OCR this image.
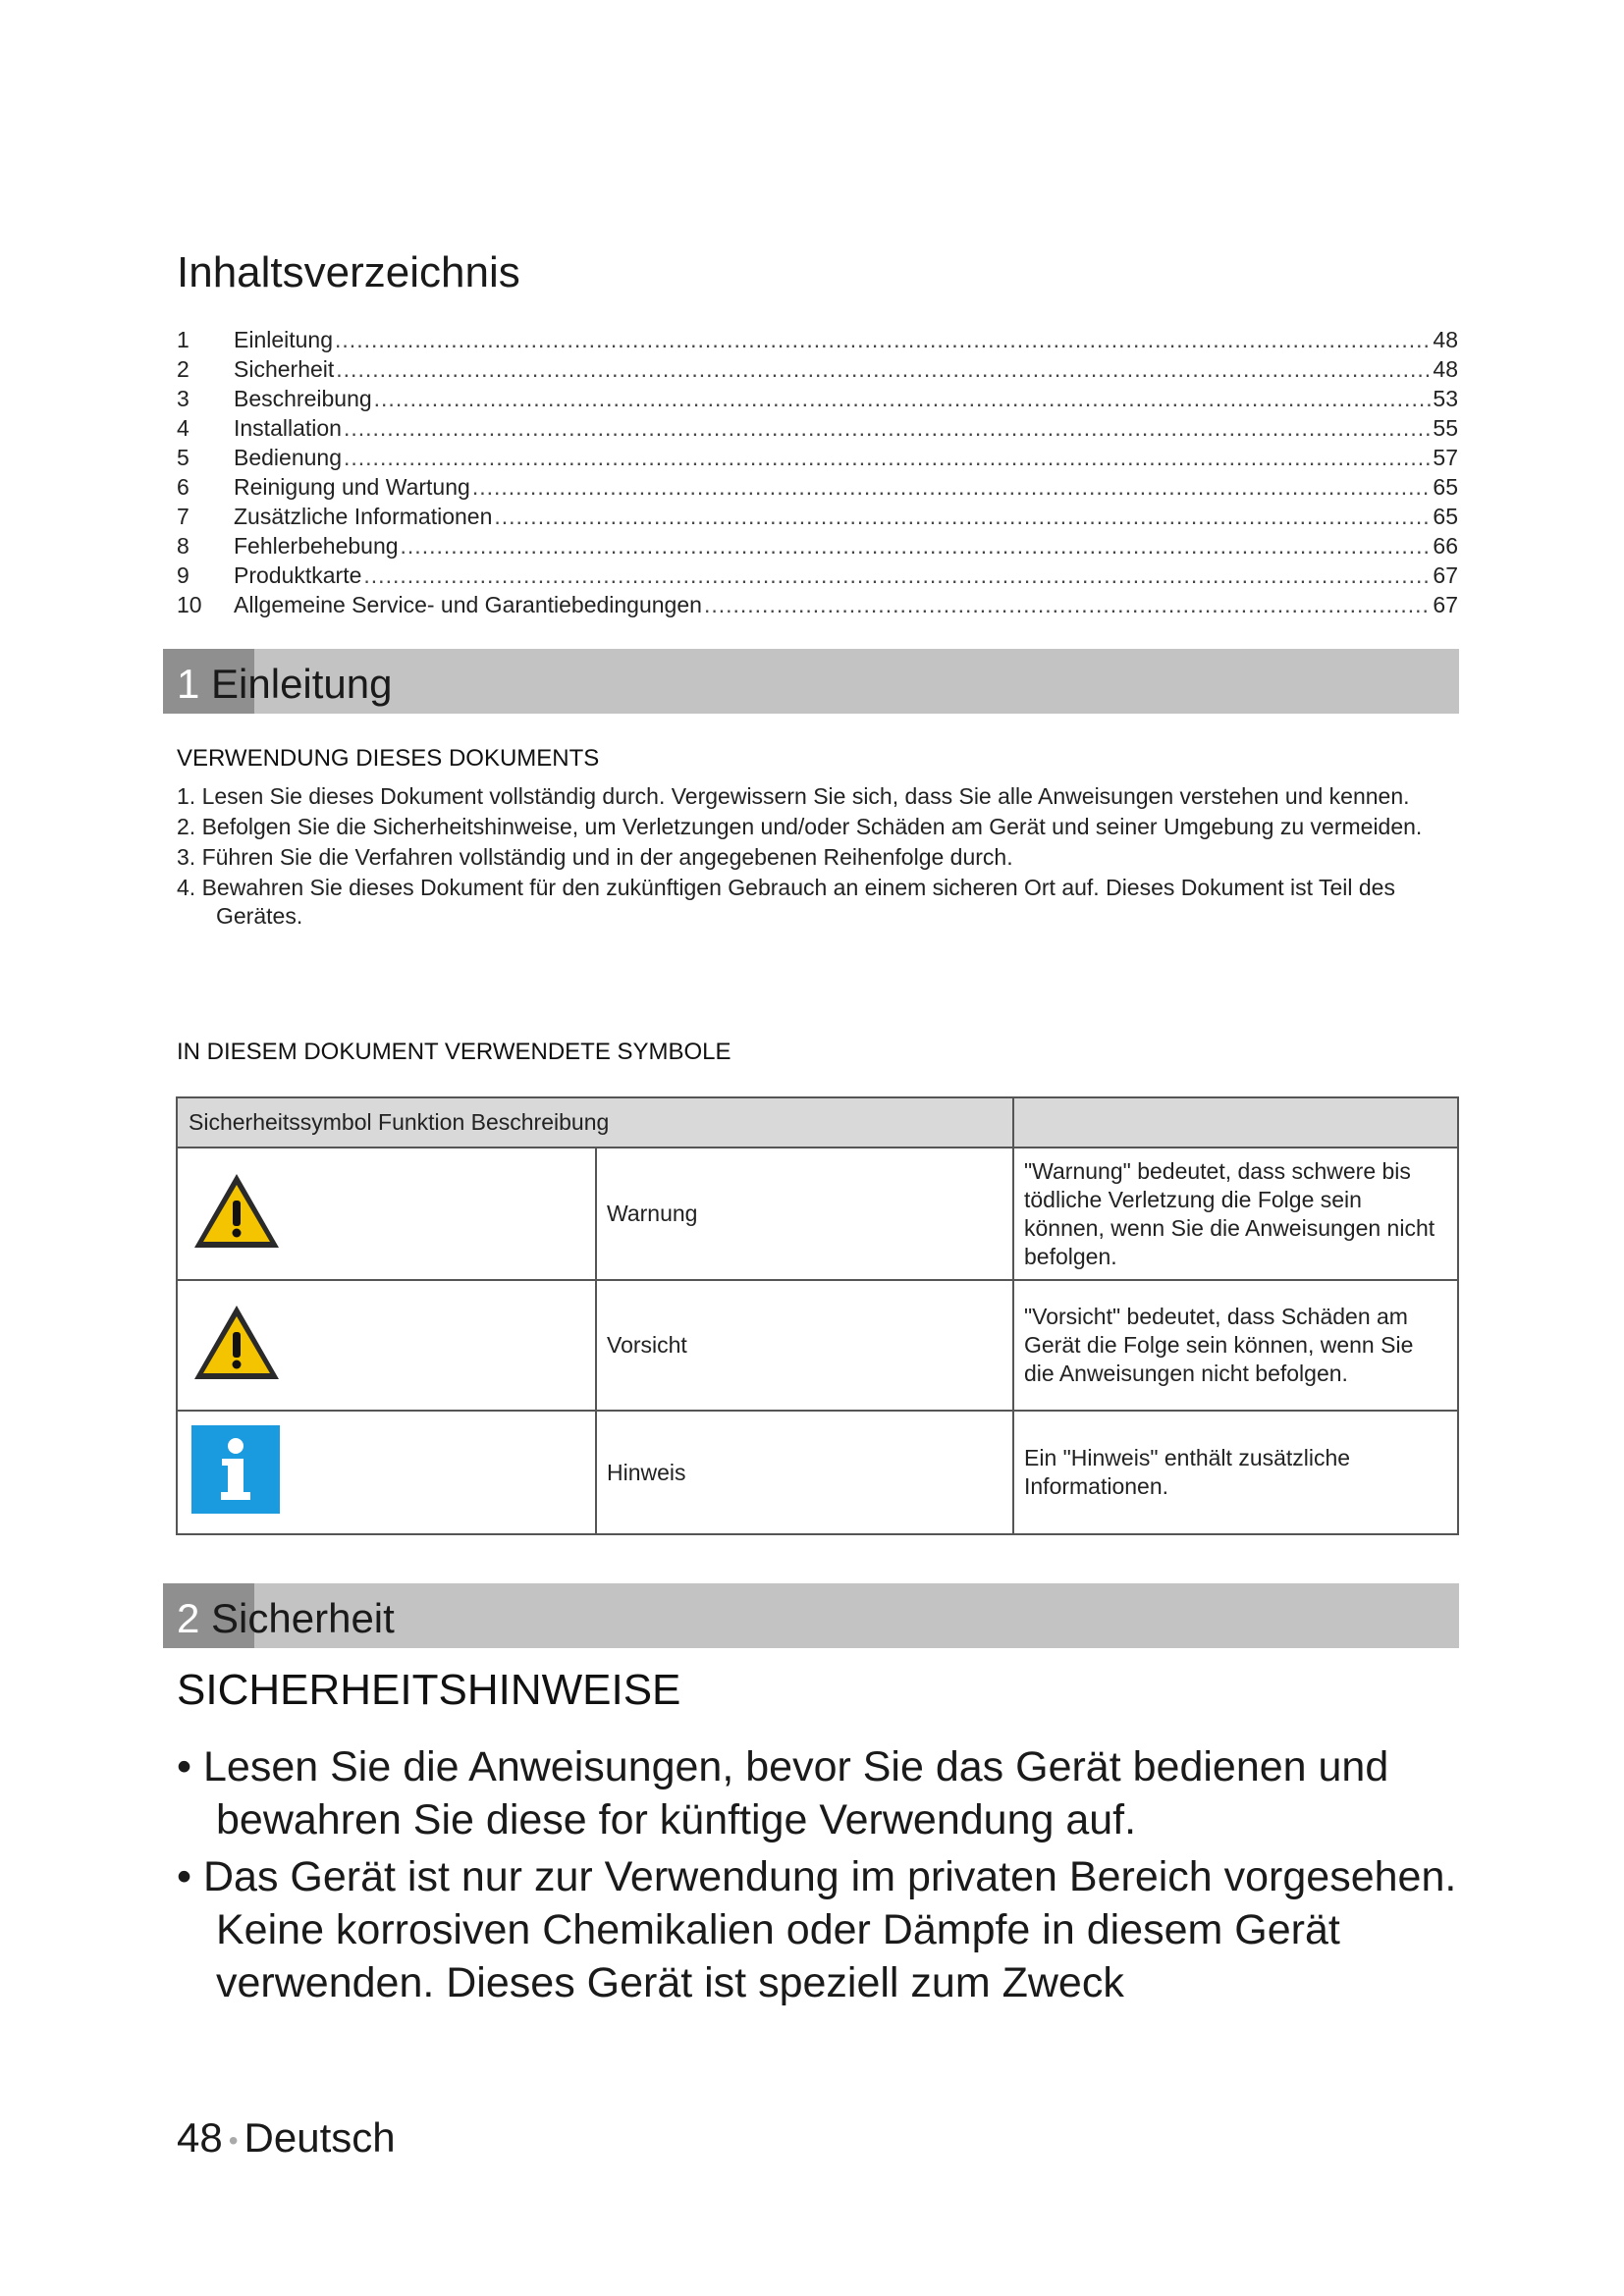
Inhaltsverzeichnis
1	Einleitung .....	48
2	Sicherheit .....	48
3	Beschreibung .....	53
4	Installation .....	55
5	Bedienung .....	57
6	Reinigung und Wartung .....	65
7	Zusätzliche Informationen .....	65
8	Fehlerbehebung .....	66
9	Produktkarte .....	67
10	Allgemeine Service- und Garantiebedingungen .....	67
1 Einleitung
VERWENDUNG DIESES DOKUMENTS
1. Lesen Sie dieses Dokument vollständig durch. Vergewissern Sie sich, dass Sie alle Anweisungen verstehen und kennen.
2. Befolgen Sie die Sicherheitshinweise, um Verletzungen und/oder Schäden am Gerät und seiner Umgebung zu vermeiden.
3. Führen Sie die Verfahren vollständig und in der angegebenen Reihenfolge durch.
4. Bewahren Sie dieses Dokument für den zukünftigen Gebrauch an einem sicheren Ort auf. Dieses Dokument ist Teil des Gerätes.
IN DIESEM DOKUMENT VERWENDETE SYMBOLE
Sicherheitssymbol Funktion Beschreibung		
	Warnung	"Warnung" bedeutet, dass schwere bis tödliche Verletzung die Folge sein können, wenn Sie die Anweisungen nicht befolgen.
	Vorsicht	"Vorsicht" bedeutet, dass Schäden am Gerät die Folge sein können, wenn Sie die Anweisungen nicht befolgen.
	Hinweis	Ein "Hinweis" enthält zusätzliche Informationen.
2 Sicherheit
SICHERHEITSHINWEISE
• Lesen Sie die Anweisungen, bevor Sie das Gerät bedienen und bewahren Sie diese for künftige Verwendung auf.
• Das Gerät ist nur zur Verwendung im privaten Bereich vorgesehen. Keine korrosiven Chemikalien oder Dämpfe in diesem Gerät verwenden. Dieses Gerät ist speziell zum Zweck
48 • Deutsch
